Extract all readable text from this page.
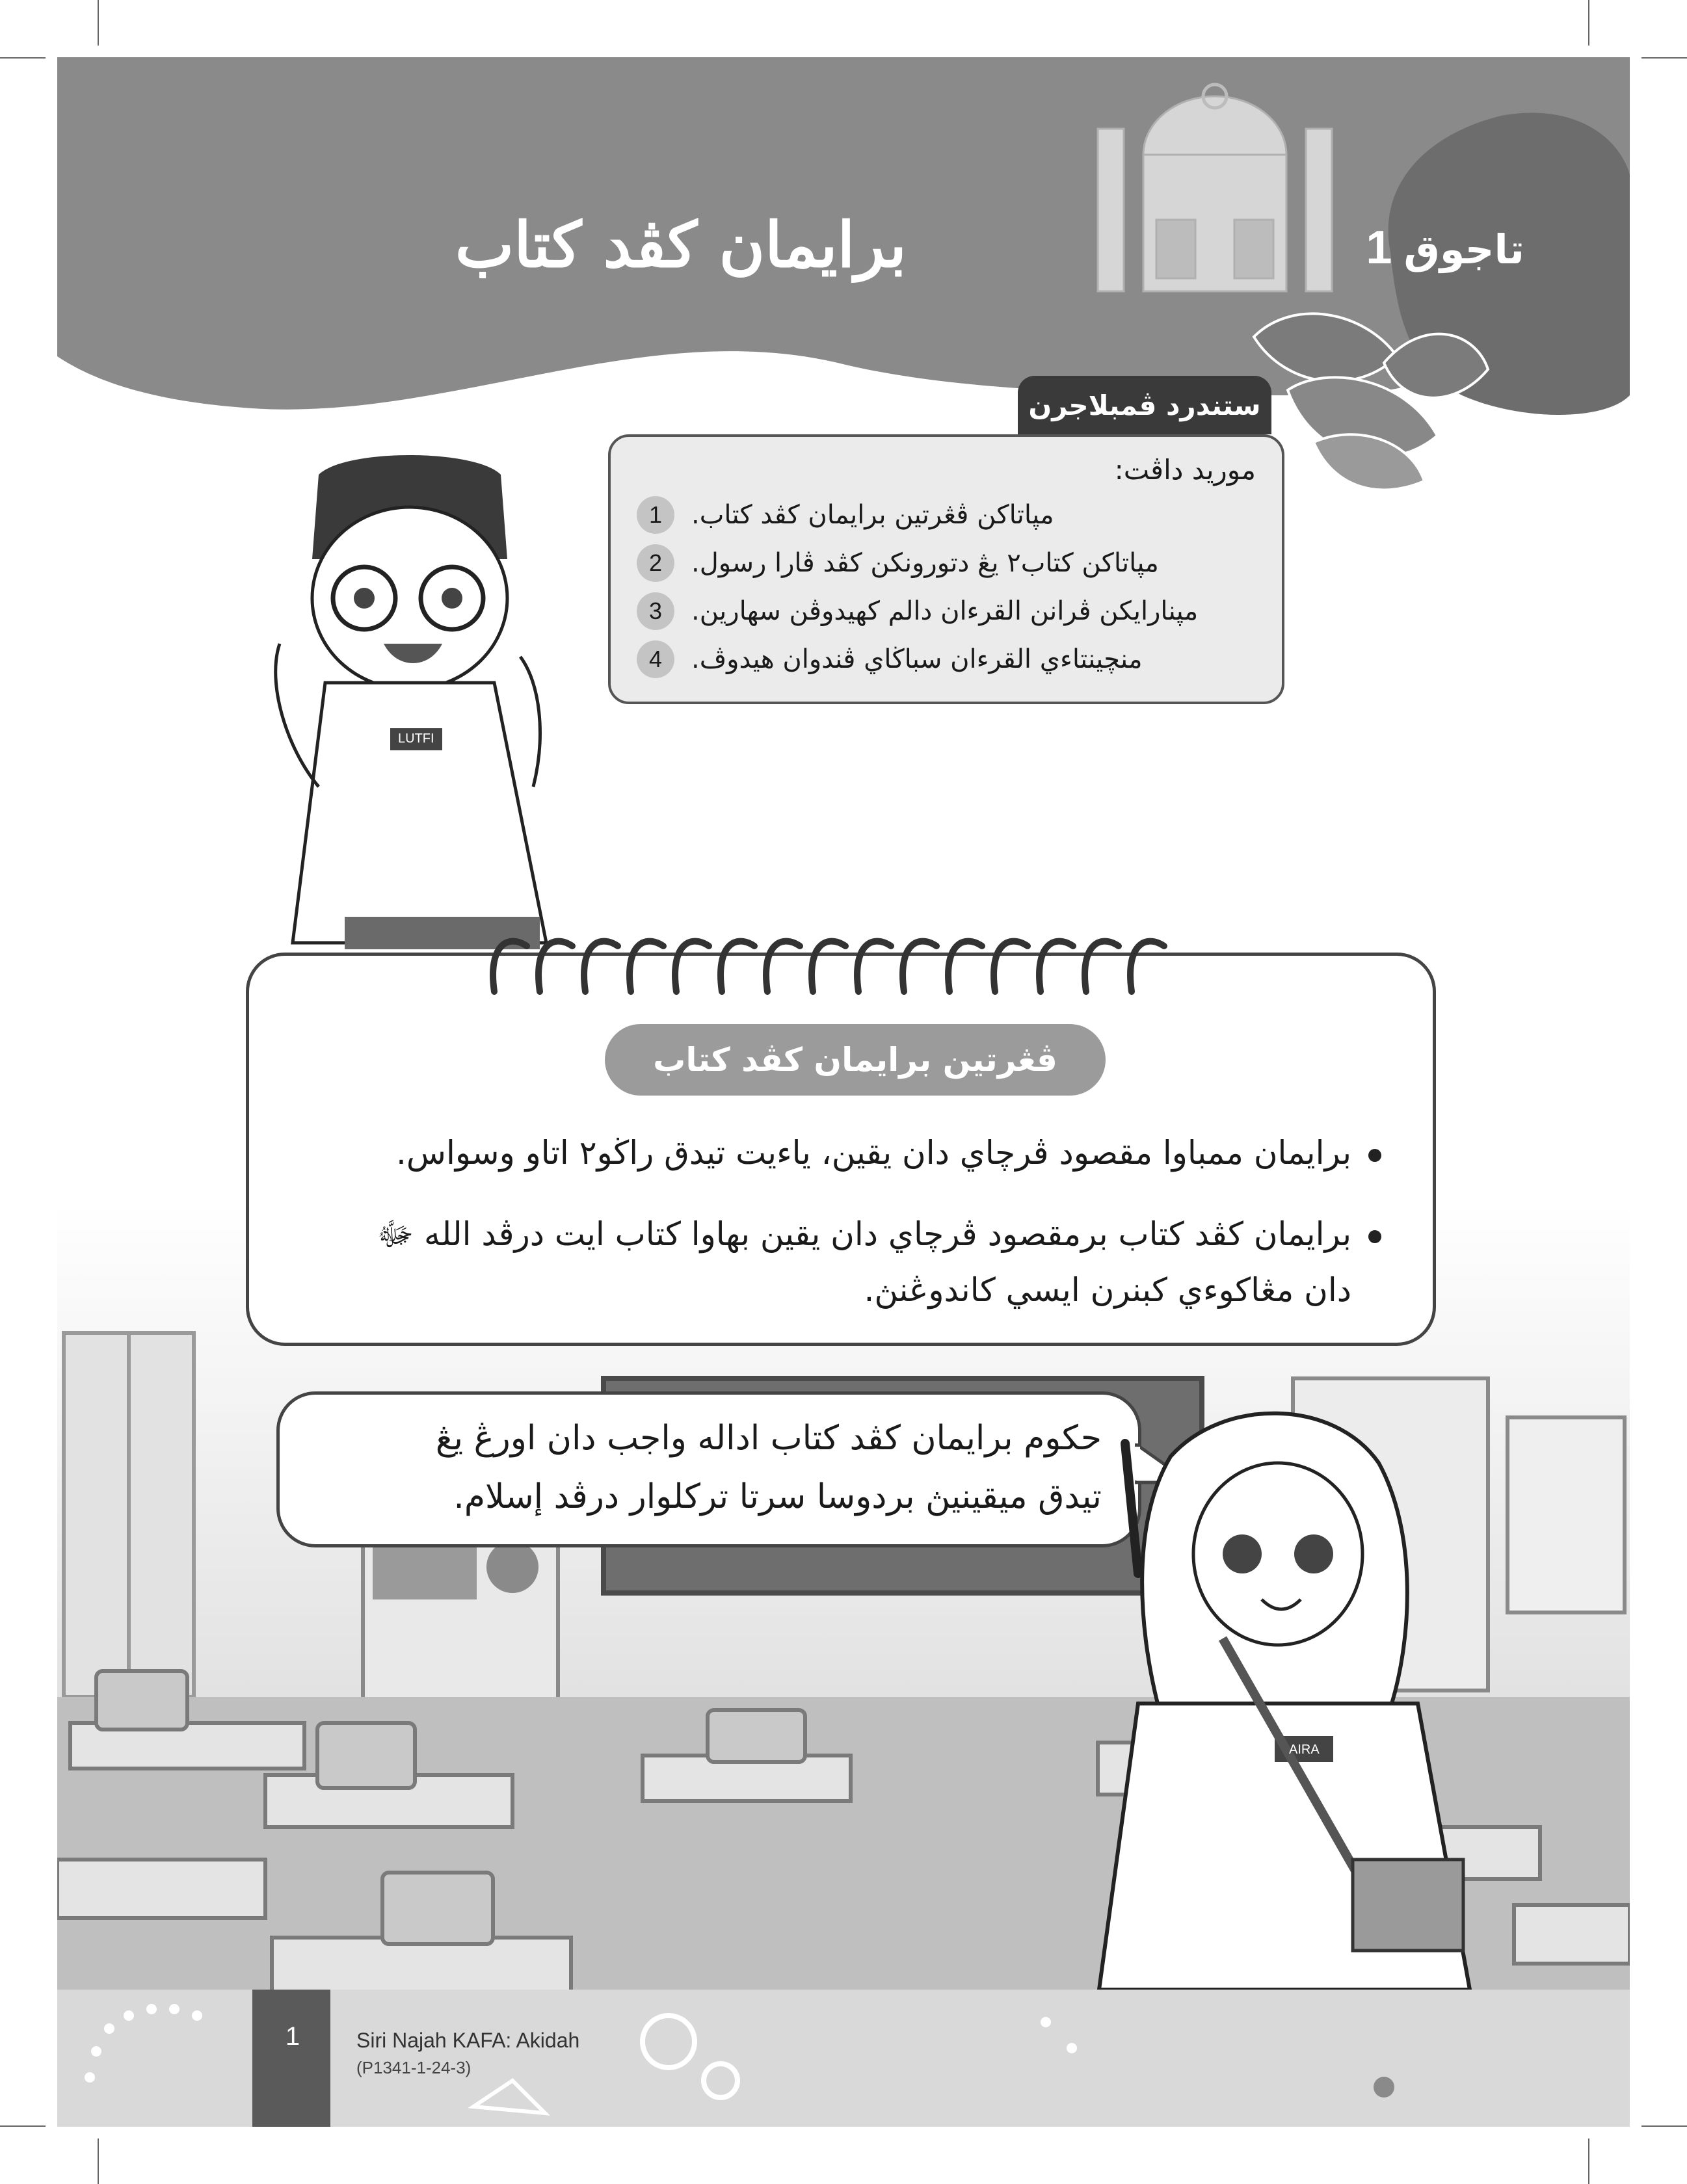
برايمان كڤد كتاب	تاجوق1
LUTFI
ستندرد ڤمبلاجرن
موريد داڤت:
1	مپاتاكن ڤڠرتين برايمان كڤد كتاب.
2	مپاتاكن كتاب٢ يڠ دتورونكن كڤد ڤارا رسول.
3	مپنارايكن ڤرانن القرءان دالم كهيدوڤن سهارين.
4	منچينتاءي القرءان سباڬاي ڤندوان هيدوڤ.
ڤڠرتين برايمان كڤد كتاب
برايمان ممباوا مقصود ڤرچاي دان يقين، ياءيت تيدق راڬو٢ اتاو وسواس.
برايمان كڤد كتاب برمقصود ڤرچاي دان يقين بهاوا كتاب ايت درڤد الله ﷻ
دان مڠاكوءي كبنرن ايسي كاندوڠنڽ.
حكوم برايمان كڤد كتاب اداله واجب دان اورڠ يڠ
تيدق ميقينيڽ بردوسا سرتا تركلوار درڤد إسلام.
AIRA
1	Siri Najah KAFA: Akidah
(P1341-1-24-3)
